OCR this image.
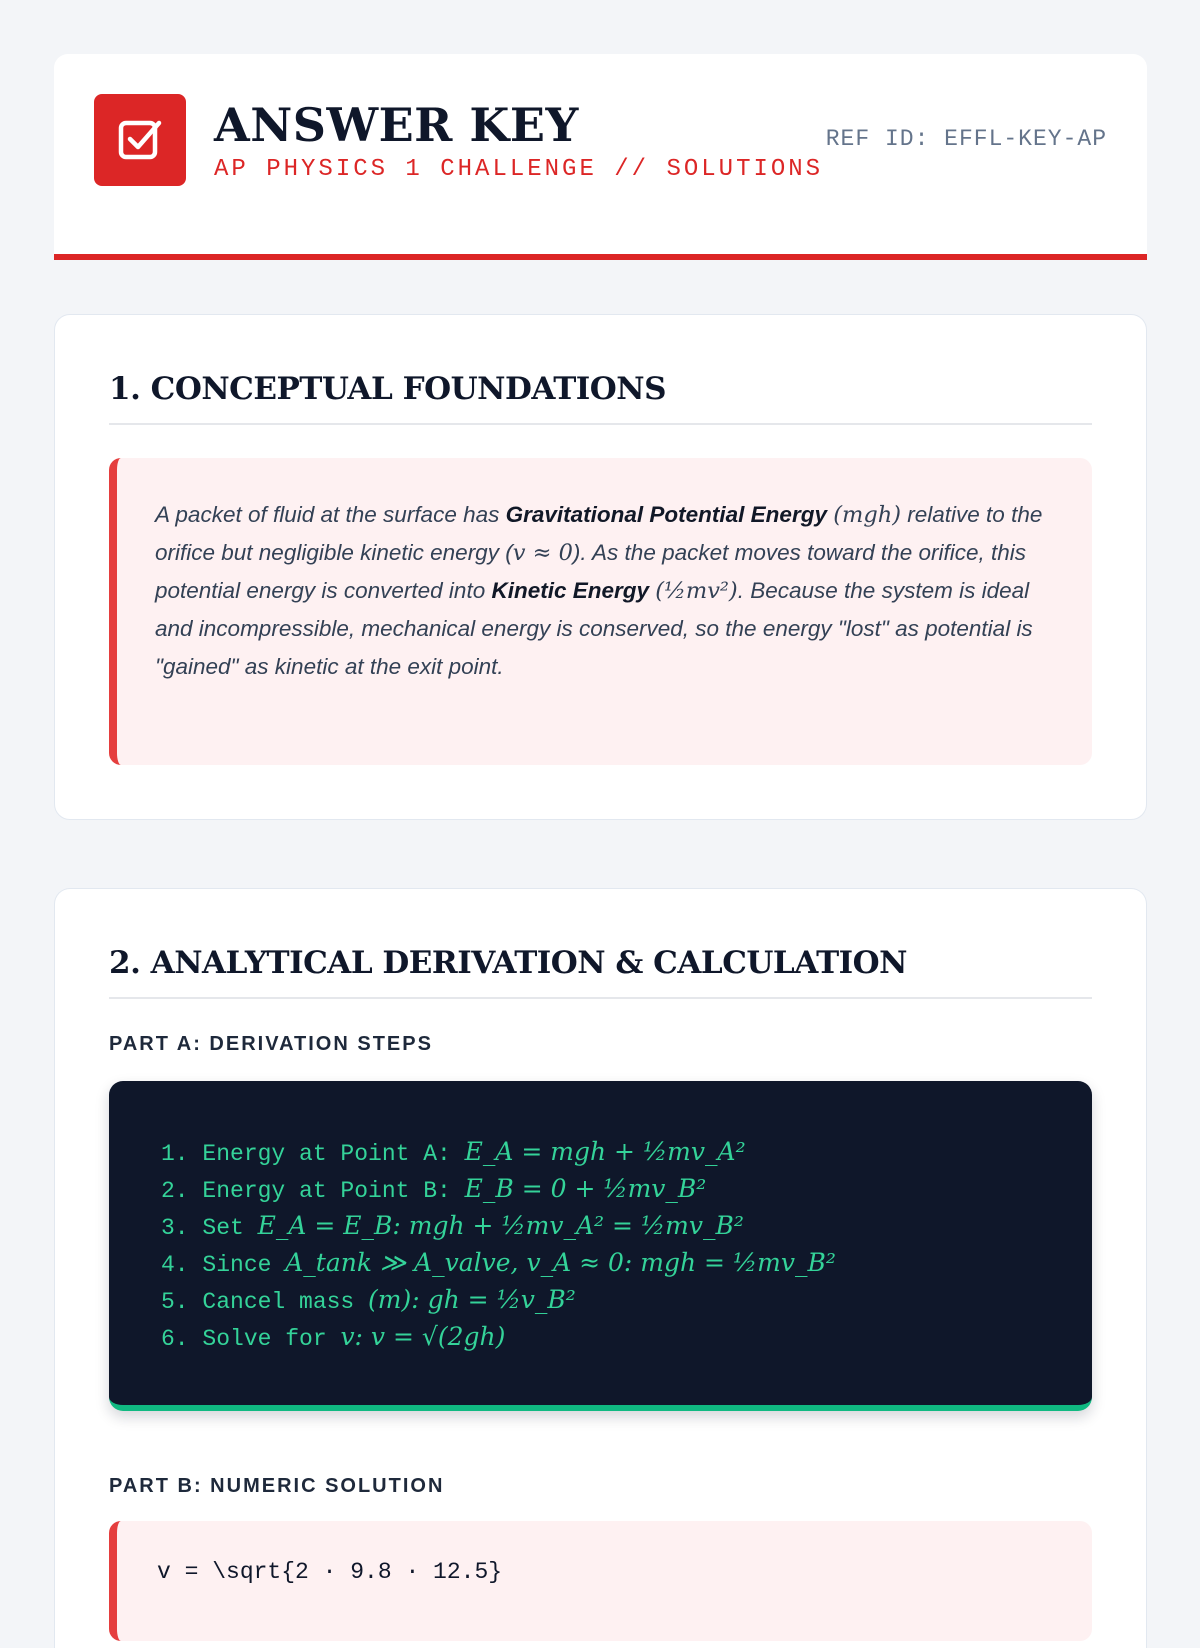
ANSWER KEY
AP PHYSICS 1 CHALLENGE // SOLUTIONS
REF ID: EFFL-KEY-AP
1. CONCEPTUAL FOUNDATIONS
A packet of fluid at the surface has Gravitational Potential Energy (mgh) relative to the orifice but negligible kinetic energy (v ≈ 0). As the packet moves toward the orifice, this potential energy is converted into Kinetic Energy (½mv²). Because the system is ideal and incompressible, mechanical energy is conserved, so the energy "lost" as potential is "gained" as kinetic at the exit point.
2. ANALYTICAL DERIVATION & CALCULATION
PART A: DERIVATION STEPS
1. Energy at Point A: E_A = mgh + ½mv_A²
2. Energy at Point B: E_B = 0 + ½mv_B²
3. Set E_A = E_B: mgh + ½mv_A² = ½mv_B²
4. Since A_tank ≫ A_valve, v_A ≈ 0: mgh = ½mv_B²
5. Cancel mass (m): gh = ½v_B²
6. Solve for v: v = √(2gh)
PART B: NUMERIC SOLUTION
v = \sqrt{2 · 9.8 · 12.5}
